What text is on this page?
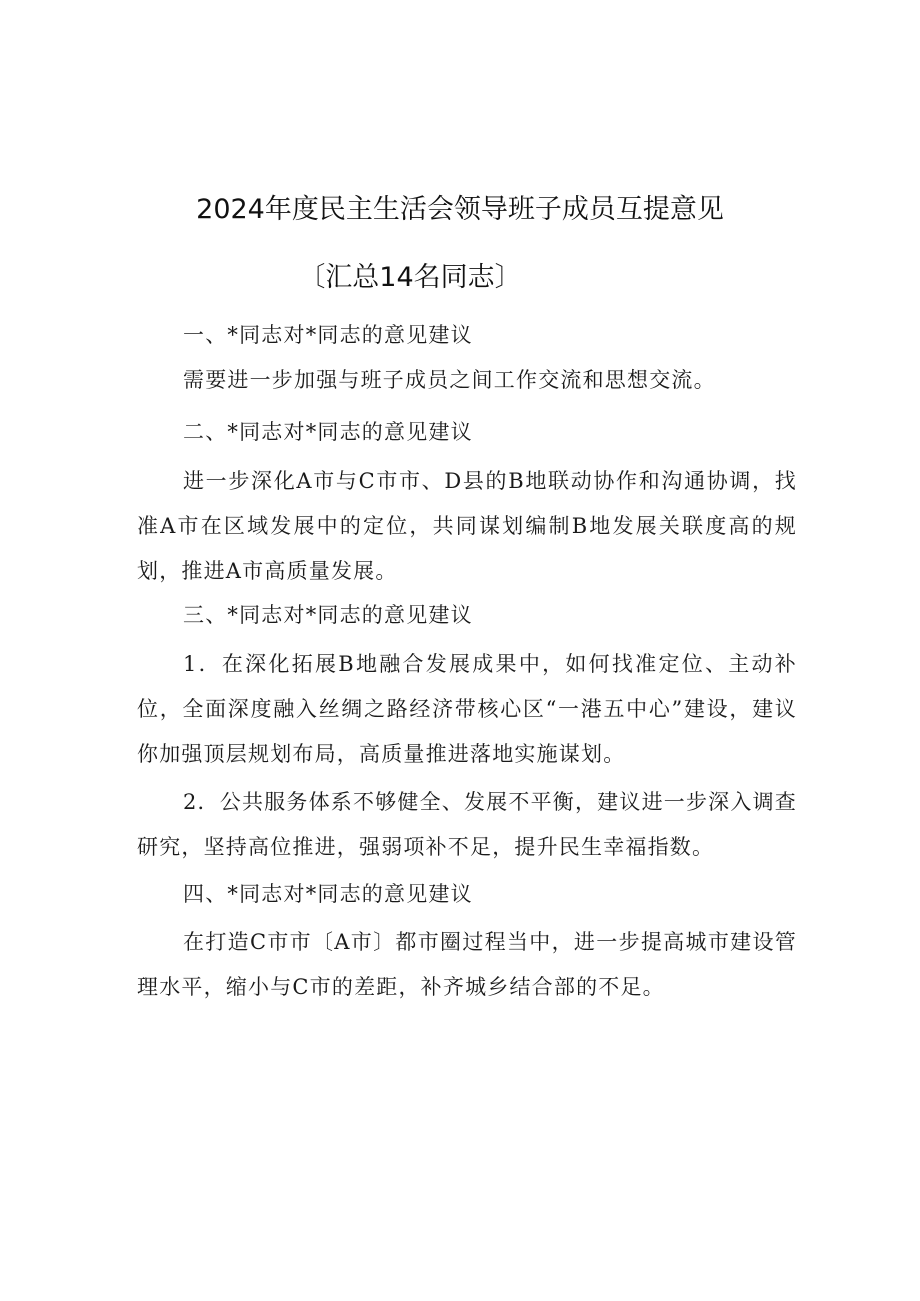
2024年度民主生活会领导班子成员互提意见
〔汇总14名同志〕
一、*同志对*同志的意见建议
需要进一步加强与班子成员之间工作交流和思想交流。
二、*同志对*同志的意见建议
进一步深化A市与C市市、D县的B地联动协作和沟通协调，找准A市在区域发展中的定位，共同谋划编制B地发展关联度高的规划，推进A市高质量发展。
三、*同志对*同志的意见建议
1．在深化拓展B地融合发展成果中，如何找准定位、主动补位，全面深度融入丝绸之路经济带核心区“一港五中心”建设，建议你加强顶层规划布局，高质量推进落地实施谋划。
2．公共服务体系不够健全、发展不平衡，建议进一步深入调查研究，坚持高位推进，强弱项补不足，提升民生幸福指数。
四、*同志对*同志的意见建议
在打造C市市〔A市〕都市圈过程当中，进一步提高城市建设管理水平，缩小与C市的差距，补齐城乡结合部的不足。
